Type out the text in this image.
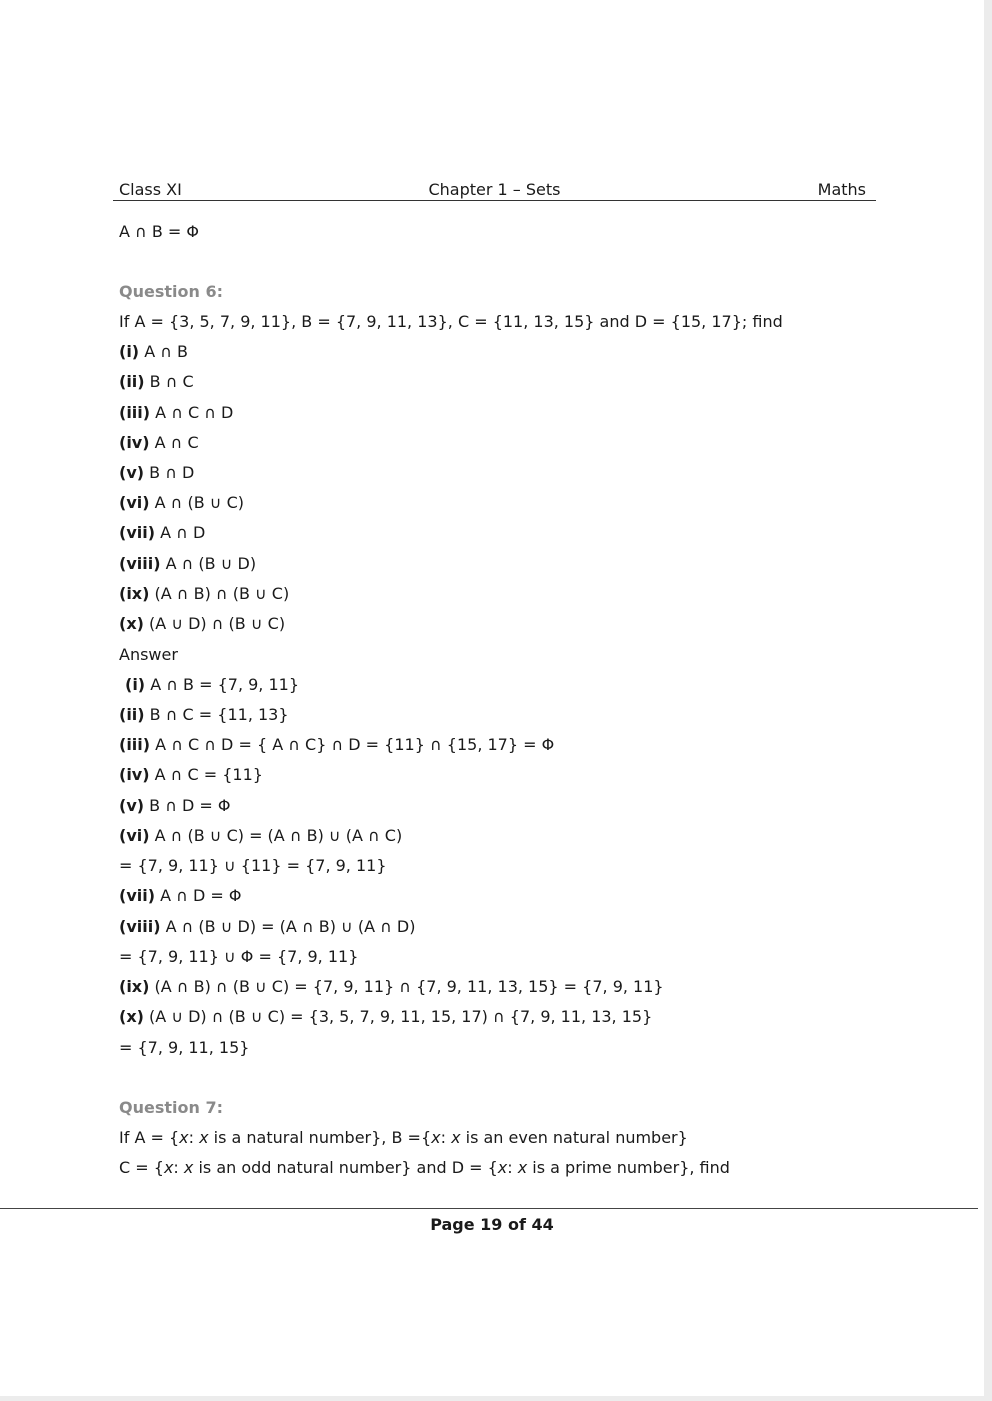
Class XI	Chapter 1 – Sets	Maths
A ∩ B = Φ
Question 6:
If A = {3, 5, 7, 9, 11}, B = {7, 9, 11, 13}, C = {11, 13, 15} and D = {15, 17}; find
(i) A ∩ B
(ii) B ∩ C
(iii) A ∩ C ∩ D
(iv) A ∩ C
(v) B ∩ D
(vi) A ∩ (B ∪ C)
(vii) A ∩ D
(viii) A ∩ (B ∪ D)
(ix) (A ∩ B) ∩ (B ∪ C)
(x) (A ∪ D) ∩ (B ∪ C)
Answer
(i) A ∩ B = {7, 9, 11}
(ii) B ∩ C = {11, 13}
(iii) A ∩ C ∩ D = { A ∩ C} ∩ D = {11} ∩ {15, 17} = Φ
(iv) A ∩ C = {11}
(v) B ∩ D = Φ
(vi) A ∩ (B ∪ C) = (A ∩ B) ∪ (A ∩ C)
= {7, 9, 11} ∪ {11} = {7, 9, 11}
(vii) A ∩ D = Φ
(viii) A ∩ (B ∪ D) = (A ∩ B) ∪ (A ∩ D)
= {7, 9, 11} ∪ Φ = {7, 9, 11}
(ix) (A ∩ B) ∩ (B ∪ C) = {7, 9, 11} ∩ {7, 9, 11, 13, 15} = {7, 9, 11}
(x) (A ∪ D) ∩ (B ∪ C) = {3, 5, 7, 9, 11, 15, 17) ∩ {7, 9, 11, 13, 15}
= {7, 9, 11, 15}
Question 7:
If A = {x: x is a natural number}, B ={x: x is an even natural number}
C = {x: x is an odd natural number} and D = {x: x is a prime number}, find
Page 19 of 44
